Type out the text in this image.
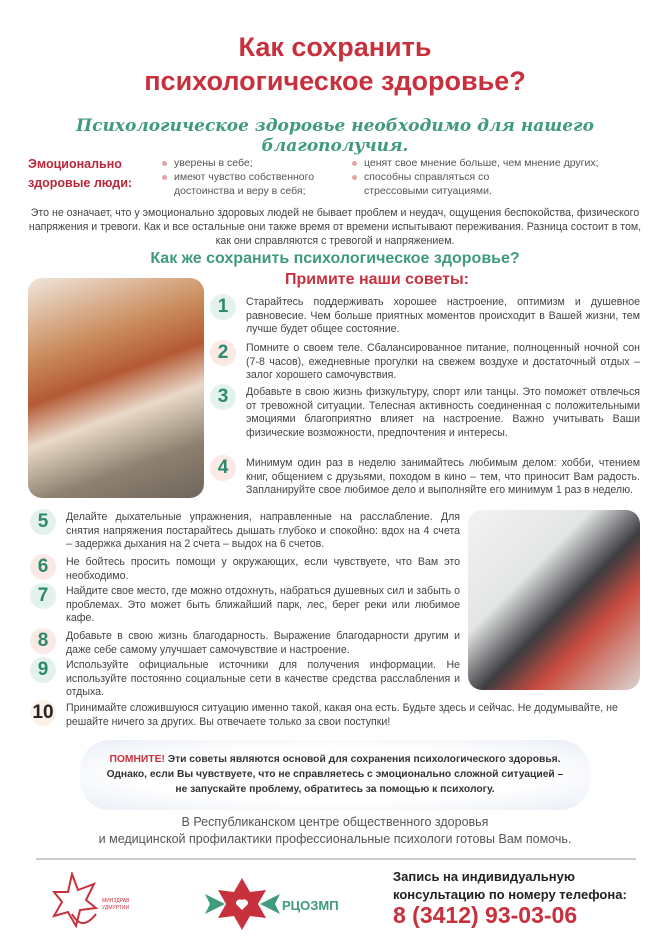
Как сохранить
психологическое здоровье?
Психологическое здоровье необходимо для нашего благополучия.
Эмоционально
здоровые люди:
уверены в себе;
имеют чувство собственного достоинства и веру в себя;
ценят свое мнение больше, чем мнение других;
способны справляться со стрессовыми ситуациями.
Это не означает, что у эмоционально здоровых людей не бывает проблем и неудач, ощущения беспокойства, физического напряжения и тревоги. Как и все остальные они также время от времени испытывают переживания. Разница состоит в том, как они справляются с тревогой и напряжением.
Как же сохранить психологическое здоровье?
Примите наши советы:
1	Старайтесь поддерживать хорошее настроение, оптимизм и душевное равновесие. Чем больше приятных моментов происходит в Вашей жизни, тем лучше будет общее состояние.
2	Помните о своем теле. Сбалансированное питание, полноценный ночной сон (7-8 часов), ежедневные прогулки на свежем воздухе и достаточный отдых – залог хорошего самочувствия.
3	Добавьте в свою жизнь физкультуру, спорт или танцы. Это поможет отвлечься от тревожной ситуации. Телесная активность соединенная с положительными эмоциями благоприятно влияет на настроение. Важно учитывать Ваши физические возможности, предпочтения и интересы.
4	Минимум один раз в неделю занимайтесь любимым делом: хобби, чтением книг, общением с друзьями, походом в кино – тем, что приносит Вам радость. Запланируйте свое любимое дело и выполняйте его минимум 1 раз в неделю.
5	Делайте дыхательные упражнения, направленные на расслабление. Для снятия напряжения постарайтесь дышать глубоко и спокойно: вдох на 4 счета – задержка дыхания на 2 счета – выдох на 6 счетов.
6	Не бойтесь просить помощи у окружающих, если чувствуете, что Вам это необходимо.
7	Найдите свое место, где можно отдохнуть, набраться душевных сил и забыть о проблемах. Это может быть ближайший парк, лес, берег реки или любимое кафе.
8	Добавьте в свою жизнь благодарность. Выражение благодарности другим и даже себе самому улучшает самочувствие и настроение.
9	Используйте официальные источники для получения информации. Не используйте постоянно социальные сети в качестве средства расслабления и отдыха.
10 Принимайте сложившуюся ситуацию именно такой, какая она есть. Будьте здесь и сейчас. Не додумывайте, не решайте ничего за других. Вы отвечаете только за свои поступки!
ПОМНИТЕ! Эти советы являются основой для сохранения психологического здоровья.
Однако, если Вы чувствуете, что не справляетесь с эмоционально сложной ситуацией –
не запускайте проблему, обратитесь за помощью к психологу.
В Республиканском центре общественного здоровья
и медицинской профилактики профессиональные психологи готовы Вам помочь.
МИНЗДРАВ
УДМУРТИИ	РЦОЗМП
Запись на индивидуальную
консультацию по номеру телефона:
8 (3412) 93-03-06
